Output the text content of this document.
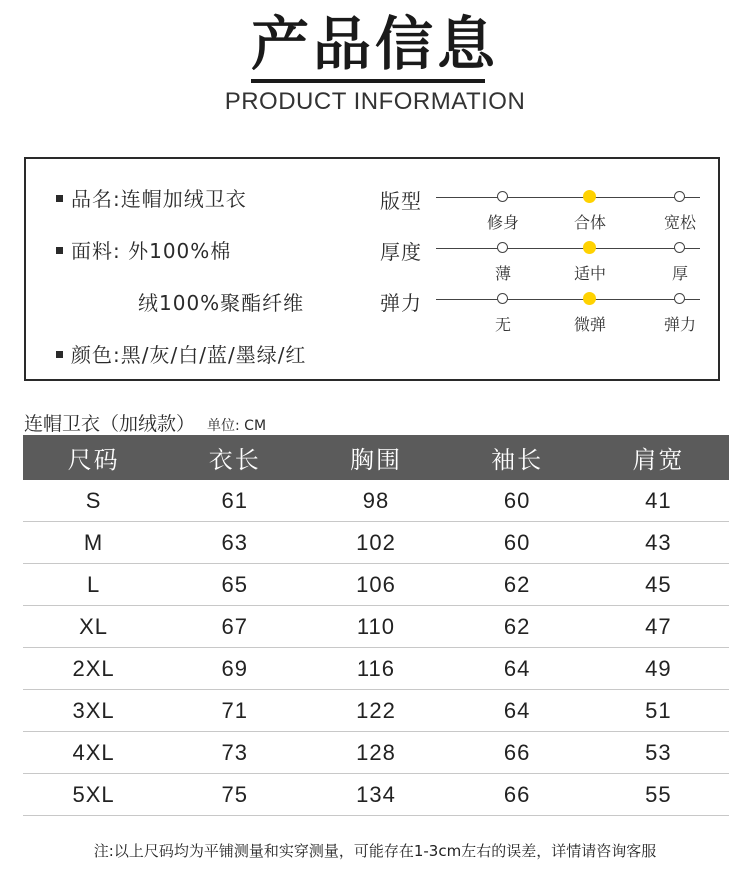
产品信息
PRODUCT INFORMATION
品名:连帽加绒卫衣
面料: 外100%棉
绒100%聚酯纤维
颜色:黑/灰/白/蓝/墨绿/红
版型
修身	合体	宽松
厚度
薄	适中	厚
弹力
无	微弹	弹力
连帽卫衣（加绒款） 单位: CM
尺码	衣长	胸围	袖长	肩宽
S	61	98	60	41
M	63	102	60	43
L	65	106	62	45
XL	67	110	62	47
2XL	69	116	64	49
3XL	71	122	64	51
4XL	73	128	66	53
5XL	75	134	66	55
注:以上尺码均为平铺测量和实穿测量，可能存在1-3cm左右的误差，详情请咨询客服
